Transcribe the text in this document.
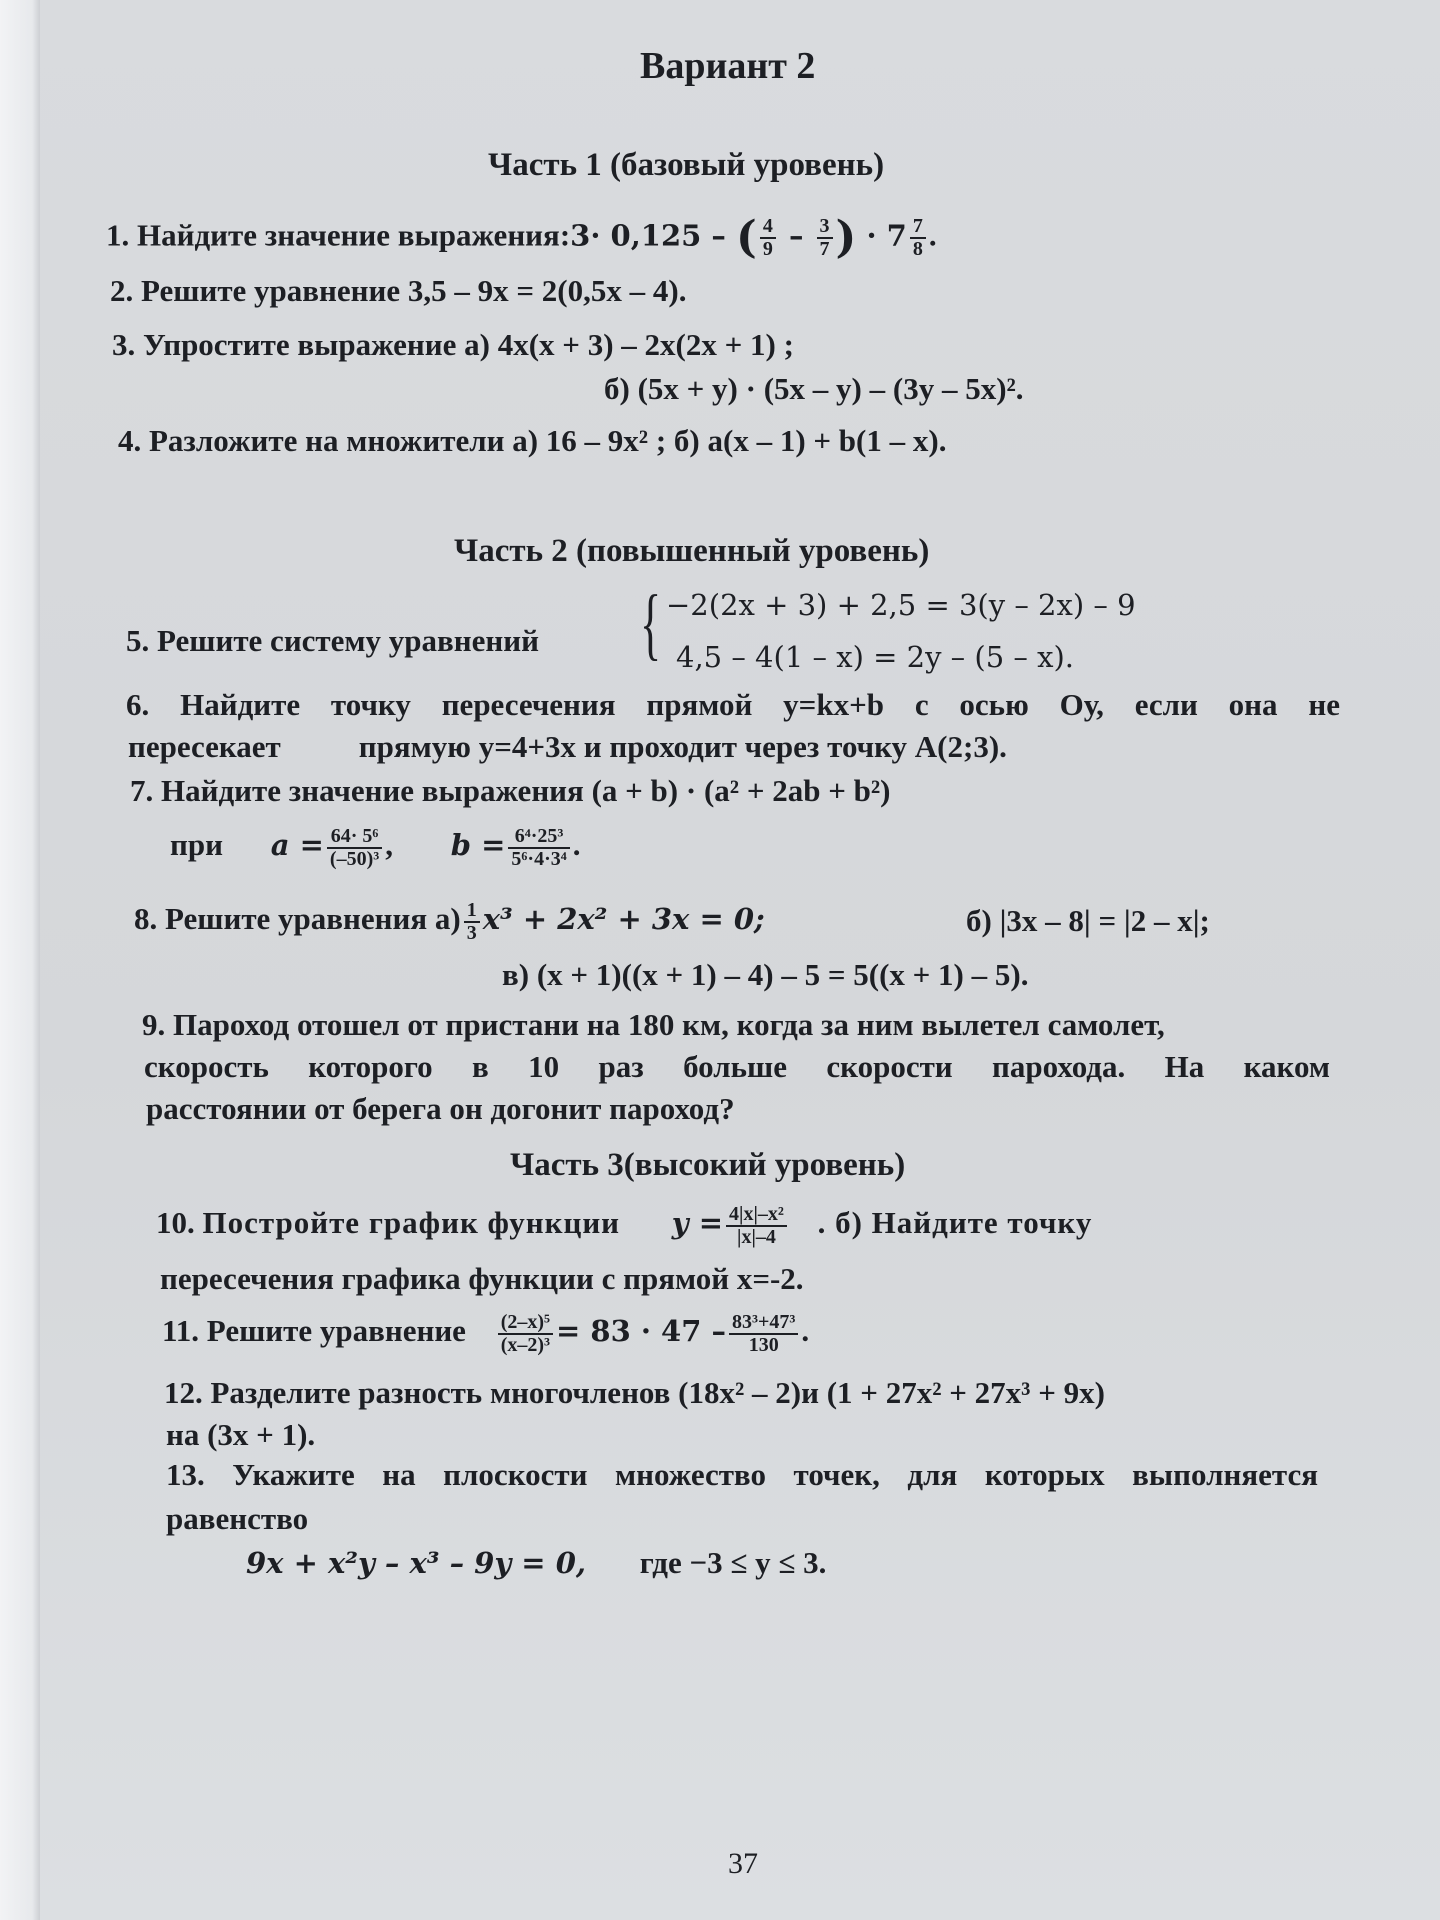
Вариант 2
Часть 1 (базовый уровень)
1. Найдите значение выражения:3· 0,125 – ( $\frac{4}{9} - \frac{3}{7}$ ) · $7 \frac{7}{8}$ .
2. Решите уравнение 3,5 – 9x = 2(0,5x – 4).
3. Упростите выражение а) 4x(x + 3) – 2x(2x + 1) ;
б) (5x + y) · (5x – y) – (3y – 5x)².
4. Разложите на множители а) 16 – 9x² ; б) a(x – 1) + b(1 – x).
Часть 2 (повышенный уровень)
5. Решите систему уравнений { −2(2x + 3) + 2,5 = 3(y – 2x) – 9
4,5 – 4(1 – x) = 2y – (5 – x).
6. Найдите точку пересечения прямой y=kx+b с осью Оу, если она не
пересекает	прямую у=4+3х и проходит через точку А(2;3).
7. Найдите значение выражения (a + b) · (a² + 2ab + b²)
при $a = \frac{\text{64· 5⁶}}{\text{(–50)³}}$ , $b = \frac{\text{6⁴·25³}}{\text{5⁶·4·3⁴}}$ .
8. Решите уравнения $а) \frac{1}{3} x^3 + 2x^2 + 3x = 0$;	б) |3x – 8| = |2 – x|;
в) (x + 1)((x + 1) – 4) – 5 = 5((x + 1) – 5).
9. Пароход отошел от пристани на 180 км, когда за ним вылетел самолет,
скорость которого в 10 раз больше скорости парохода. На каком
расстоянии от берега он догонит пароход?
Часть 3(высокий уровень)
10. Постройте график функции $y = \frac{\text{4|x|–x²}}{|x|-4}$ . б) Найдите точку
пересечения графика функции с прямой х=-2.
11. Решите уравнение $\frac{\text{(2–x)⁵}}{\text{(x–2)³}} = 83 \cdot 47 - \frac{\text{83³+47³}}{130}$ .
12. Разделите разность многочленов (18x² – 2)и (1 + 27x² + 27x³ + 9x)
на (3x + 1).
13. Укажите на плоскости множество точек, для которых выполняется
равенство
9x + x²y – x³ – 9y = 0, где −3 ≤ y ≤ 3.
37
